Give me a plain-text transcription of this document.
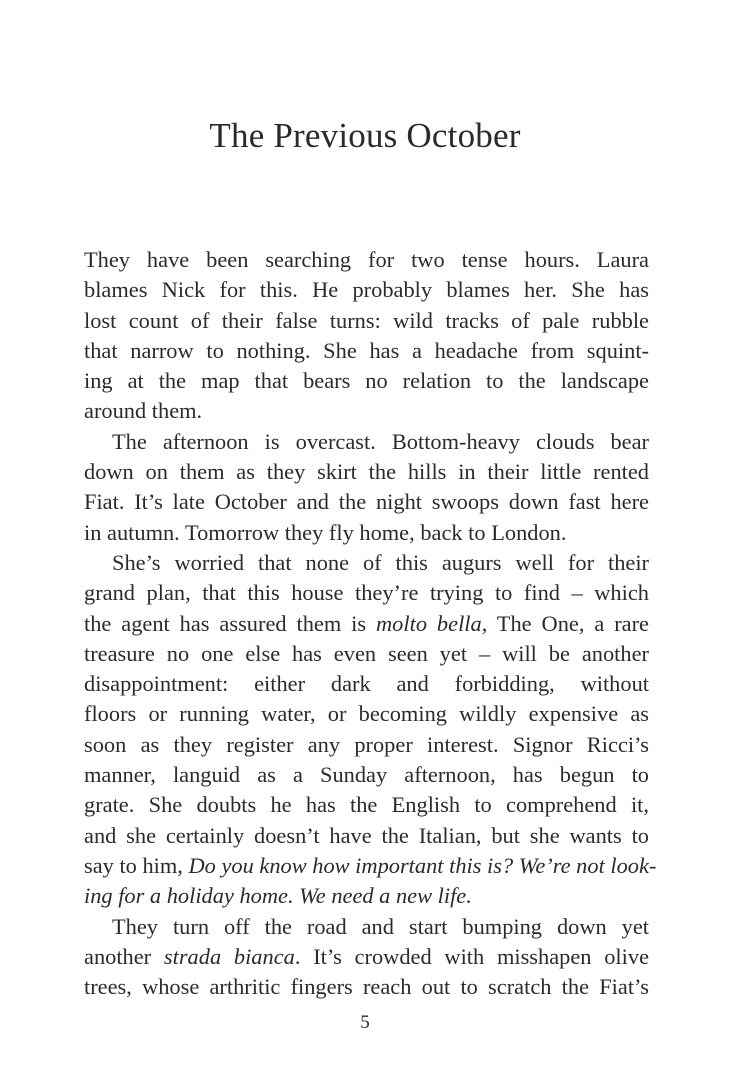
The Previous October
They have been searching for two tense hours. Laura
blames Nick for this. He probably blames her. She has
lost count of their false turns: wild tracks of pale rubble
that narrow to nothing. She has a headache from squint-
ing at the map that bears no relation to the landscape
around them.
The afternoon is overcast. Bottom-heavy clouds bear
down on them as they skirt the hills in their little rented
Fiat. It’s late October and the night swoops down fast here
in autumn. Tomorrow they fly home, back to London.
She’s worried that none of this augurs well for their
grand plan, that this house they’re trying to find – which
the agent has assured them is molto bella, The One, a rare
treasure no one else has even seen yet – will be another
disappointment: either dark and forbidding, without
floors or running water, or becoming wildly expensive as
soon as they register any proper interest. Signor Ricci’s
manner, languid as a Sunday afternoon, has begun to
grate. She doubts he has the English to comprehend it,
and she certainly doesn’t have the Italian, but she wants to
say to him, Do you know how important this is? We’re not look-
ing for a holiday home. We need a new life.
They turn off the road and start bumping down yet
another strada bianca. It’s crowded with misshapen olive
trees, whose arthritic fingers reach out to scratch the Fiat’s
5
